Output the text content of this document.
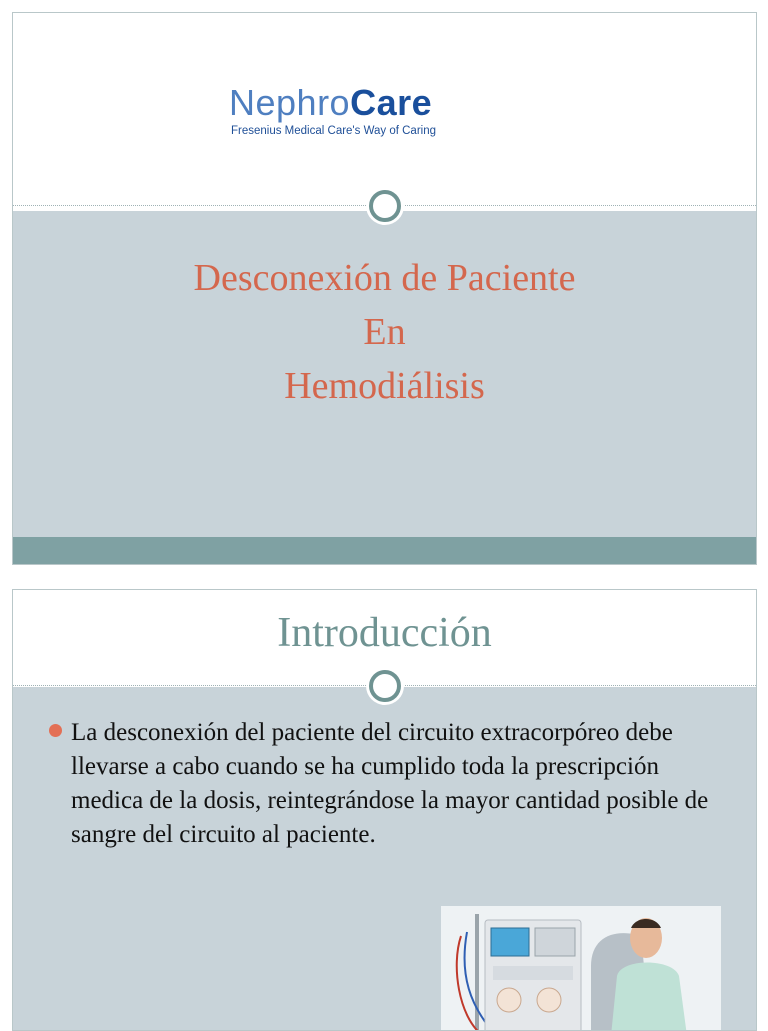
NephroCare
Fresenius Medical Care's Way of Caring
Desconexión de Paciente
En
Hemodiálisis
Introducción
La desconexión del paciente del circuito extracorpóreo debe llevarse a cabo cuando se ha cumplido toda la prescripción medica de la dosis, reintegrándose la mayor cantidad posible de sangre del circuito al paciente.
